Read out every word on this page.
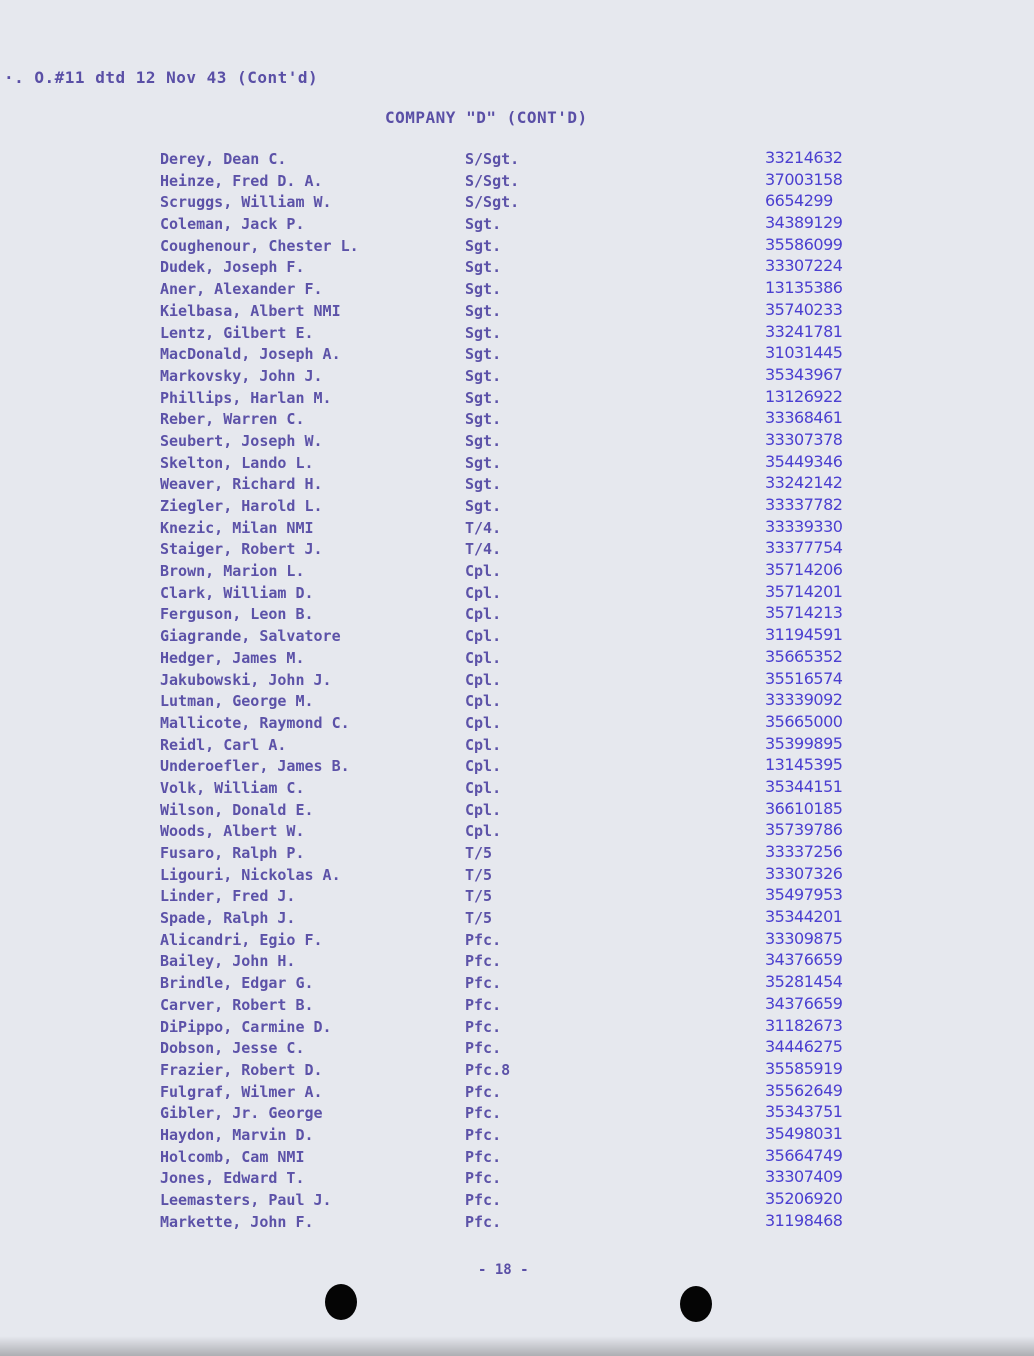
·. O.#11 dtd 12 Nov 43 (Cont'd)
COMPANY "D" (CONT'D)
Derey, Dean C.	S/Sgt.	33214632
Heinze, Fred D. A.	S/Sgt.	37003158
Scruggs, William W.	S/Sgt.	6654299
Coleman, Jack P.	Sgt.	34389129
Coughenour, Chester L.	Sgt.	35586099
Dudek, Joseph F.	Sgt.	33307224
Aner, Alexander F.	Sgt.	13135386
Kielbasa, Albert NMI	Sgt.	35740233
Lentz, Gilbert E.	Sgt.	33241781
MacDonald, Joseph A.	Sgt.	31031445
Markovsky, John J.	Sgt.	35343967
Phillips, Harlan M.	Sgt.	13126922
Reber, Warren C.	Sgt.	33368461
Seubert, Joseph W.	Sgt.	33307378
Skelton, Lando L.	Sgt.	35449346
Weaver, Richard H.	Sgt.	33242142
Ziegler, Harold L.	Sgt.	33337782
Knezic, Milan NMI	T/4.	33339330
Staiger, Robert J.	T/4.	33377754
Brown, Marion L.	Cpl.	35714206
Clark, William D.	Cpl.	35714201
Ferguson, Leon B.	Cpl.	35714213
Giagrande, Salvatore	Cpl.	31194591
Hedger, James M.	Cpl.	35665352
Jakubowski, John J.	Cpl.	35516574
Lutman, George M.	Cpl.	33339092
Mallicote, Raymond C.	Cpl.	35665000
Reidl, Carl A.	Cpl.	35399895
Underoefler, James B.	Cpl.	13145395
Volk, William C.	Cpl.	35344151
Wilson, Donald E.	Cpl.	36610185
Woods, Albert W.	Cpl.	35739786
Fusaro, Ralph P.	T/5	33337256
Ligouri, Nickolas A.	T/5	33307326
Linder, Fred J.	T/5	35497953
Spade, Ralph J.	T/5	35344201
Alicandri, Egio F.	Pfc.	33309875
Bailey, John H.	Pfc.	34376659
Brindle, Edgar G.	Pfc.	35281454
Carver, Robert B.	Pfc.	34376659
DiPippo, Carmine D.	Pfc.	31182673
Dobson, Jesse C.	Pfc.	34446275
Frazier, Robert D.	Pfc.8	35585919
Fulgraf, Wilmer A.	Pfc.	35562649
Gibler, Jr. George	Pfc.	35343751
Haydon, Marvin D.	Pfc.	35498031
Holcomb, Cam NMI	Pfc.	35664749
Jones, Edward T.	Pfc.	33307409
Leemasters, Paul J.	Pfc.	35206920
Markette, John F.	Pfc.	31198468
- 18 -
